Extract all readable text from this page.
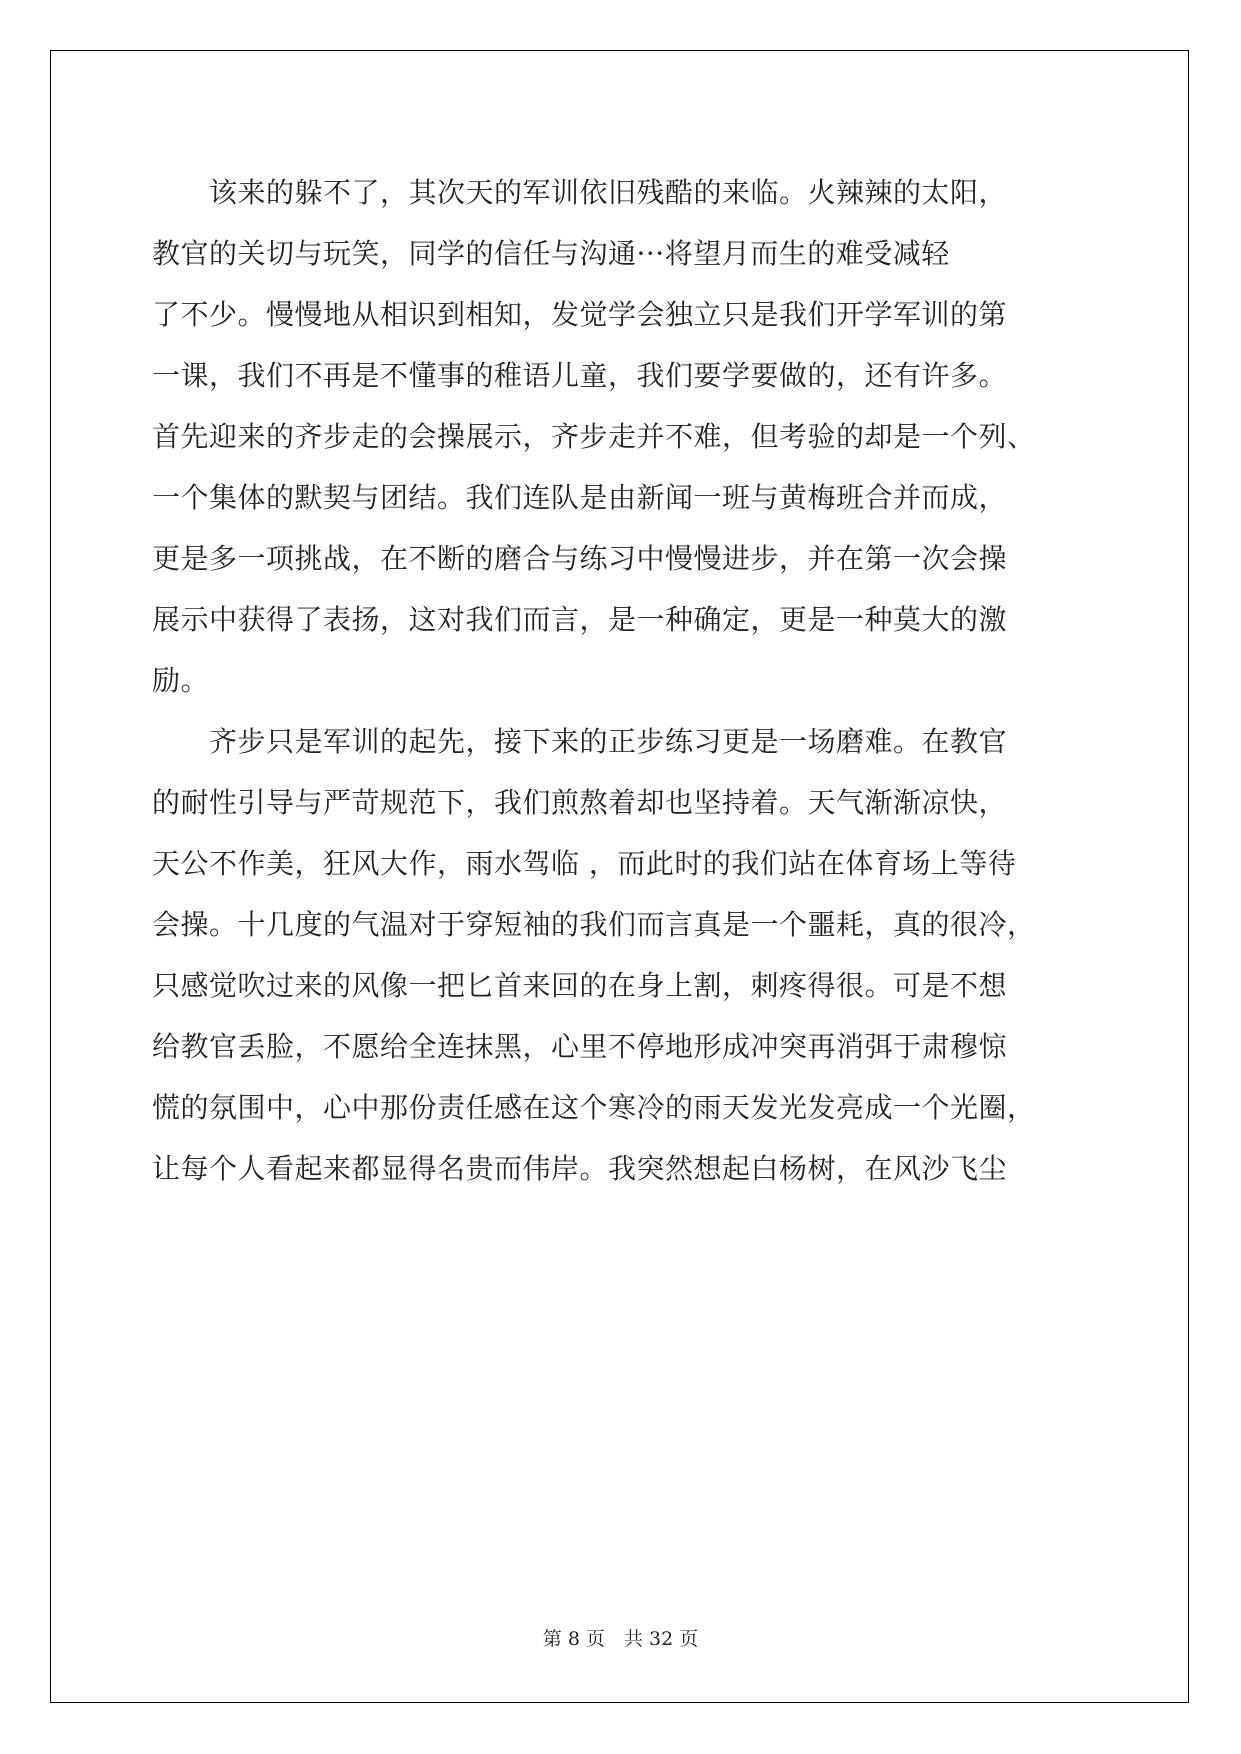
　　该来的躲不了，其次天的军训依旧残酷的来临。火辣辣的太阳，
教官的关切与玩笑，同学的信任与沟通···将望月而生的难受减轻
了不少。慢慢地从相识到相知，发觉学会独立只是我们开学军训的第
一课，我们不再是不懂事的稚语儿童，我们要学要做的，还有许多。
首先迎来的齐步走的会操展示，齐步走并不难，但考验的却是一个列、
一个集体的默契与团结。我们连队是由新闻一班与黄梅班合并而成，
更是多一项挑战，在不断的磨合与练习中慢慢进步，并在第一次会操
展示中获得了表扬，这对我们而言，是一种确定，更是一种莫大的激
励。
　　齐步只是军训的起先，接下来的正步练习更是一场磨难。在教官
的耐性引导与严苛规范下，我们煎熬着却也坚持着。天气渐渐凉快，
天公不作美，狂风大作，雨水驾临 ，而此时的我们站在体育场上等待
会操。十几度的气温对于穿短袖的我们而言真是一个噩耗，真的很冷，
只感觉吹过来的风像一把匕首来回的在身上割，刺疼得很。可是不想
给教官丢脸，不愿给全连抹黑，心里不停地形成冲突再消弭于肃穆惊
慌的氛围中，心中那份责任感在这个寒冷的雨天发光发亮成一个光圈，
让每个人看起来都显得名贵而伟岸。我突然想起白杨树，在风沙飞尘
第 8 页　共 32 页
